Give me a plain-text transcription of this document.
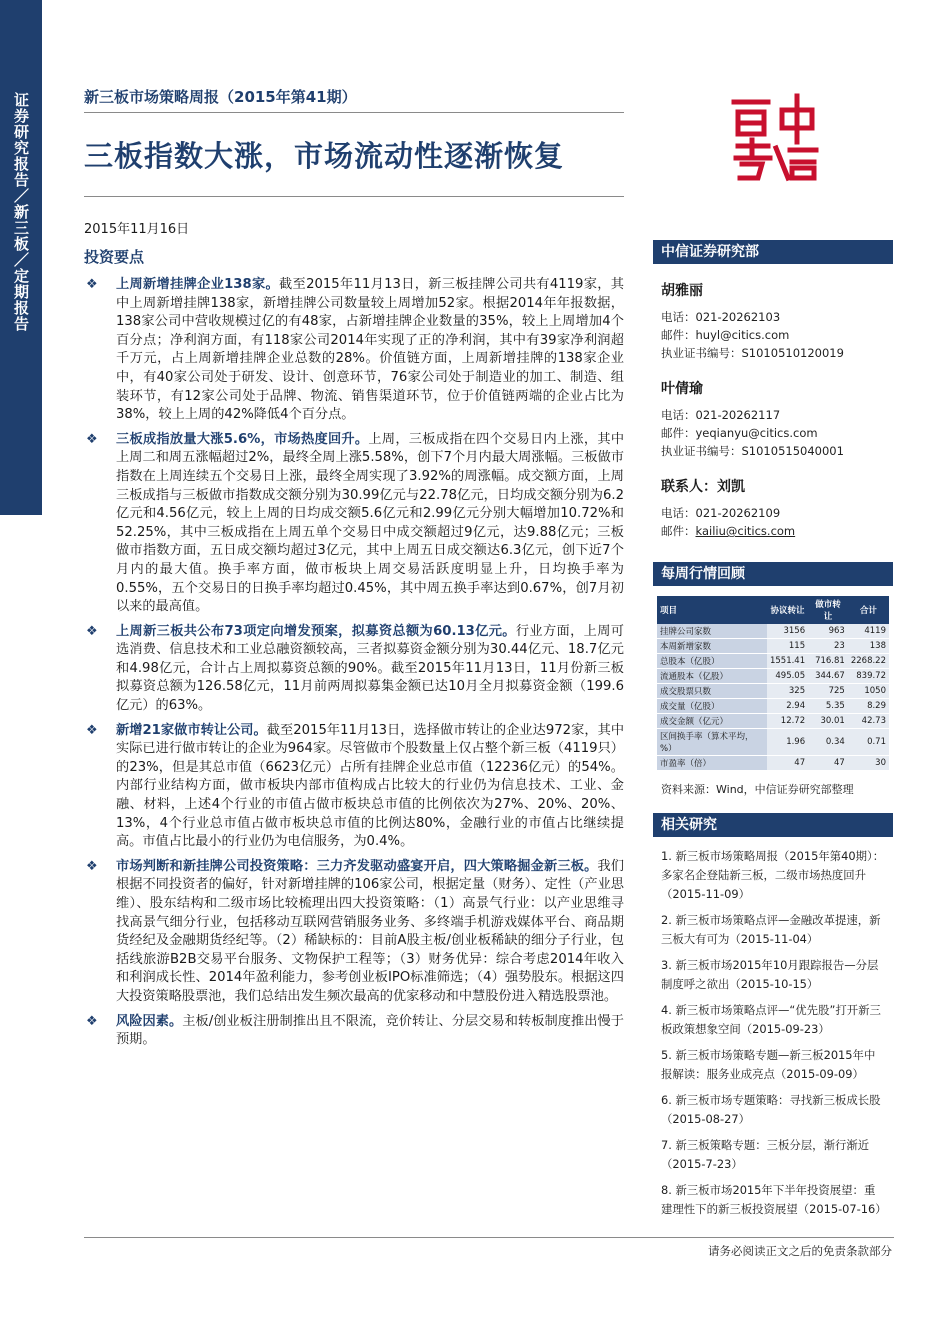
证券研究报告／新三板／定期报告	新三板市场策略周报（2015年第41期）
三板指数大涨，市场流动性逐渐恢复
中信證券
2015年11月16日
投资要点
❖ 上周新增挂牌企业138家。截至2015年11月13日，新三板挂牌公司共有4119家，其中上周新增挂牌138家，新增挂牌公司数量较上周增加52家。根据2014年年报数据，138家公司中营收规模过亿的有48家，占新增挂牌企业数量的35%，较上上周增加4个百分点；净利润方面，有118家公司2014年实现了正的净利润，其中有39家净利润超千万元，占上周新增挂牌企业总数的28%。价值链方面，上周新增挂牌的138家企业中，有40家公司处于研发、设计、创意环节，76家公司处于制造业的加工、制造、组装环节，有12家公司处于品牌、物流、销售渠道环节，位于价值链两端的企业占比为38%，较上上周的42%降低4个百分点。
❖ 三板成指放量大涨5.6%，市场热度回升。上周，三板成指在四个交易日内上涨，其中上周二和周五涨幅超过2%，最终全周上涨5.58%，创下7个月内最大周涨幅。三板做市指数在上周连续五个交易日上涨，最终全周实现了3.92%的周涨幅。成交额方面，上周三板成指与三板做市指数成交额分别为30.99亿元与22.78亿元，日均成交额分别为6.2亿元和4.56亿元，较上上周的日均成交额5.6亿元和2.99亿元分别大幅增加10.72%和52.25%，其中三板成指在上周五单个交易日中成交额超过9亿元，达9.88亿元；三板做市指数方面，五日成交额均超过3亿元，其中上周五日成交额达6.3亿元，创下近7个月内的最大值。换手率方面，做市板块上周交易活跃度明显上升，日均换手率为0.55%，五个交易日的日换手率均超过0.45%，其中周五换手率达到0.67%，创7月初以来的最高值。
❖ 上周新三板共公布73项定向增发预案，拟募资总额为60.13亿元。行业方面，上周可选消费、信息技术和工业总融资额较高，三者拟募资金额分别为30.44亿元、18.7亿元和4.98亿元，合计占上周拟募资总额的90%。截至2015年11月13日，11月份新三板拟募资总额为126.58亿元，11月前两周拟募集金额已达10月全月拟募资金额（199.6亿元）的63%。
❖ 新增21家做市转让公司。截至2015年11月13日，选择做市转让的企业达972家，其中实际已进行做市转让的企业为964家。尽管做市个股数量上仅占整个新三板（4119只）的23%，但是其总市值（6623亿元）占所有挂牌企业总市值（12236亿元）的54%。内部行业结构方面，做市板块内部市值构成占比较大的行业仍为信息技术、工业、金融、材料，上述4个行业的市值占做市板块总市值的比例依次为27%、20%、20%、13%，4个行业总市值占做市板块总市值的比例达80%，金融行业的市值占比继续提高。市值占比最小的行业仍为电信服务，为0.4%。
❖ 市场判断和新挂牌公司投资策略：三力齐发驱动盛宴开启，四大策略掘金新三板。我们根据不同投资者的偏好，针对新增挂牌的106家公司，根据定量（财务）、定性（产业思维）、股东结构和二级市场比较梳理出四大投资策略：（1）高景气行业：以产业思维寻找高景气细分行业，包括移动互联网营销服务业务、多终端手机游戏媒体平台、商品期货经纪及金融期货经纪等。（2）稀缺标的：目前A股主板/创业板稀缺的细分子行业，包括线旅游B2B交易平台服务、文物保护工程等；（3）财务优异：综合考虑2014年收入和利润成长性、2014年盈利能力，参考创业板IPO标准筛选；（4）强势股东。根据这四大投资策略股票池，我们总结出发生频次最高的优家移动和中慧股份进入精选股票池。
❖ 风险因素。主板/创业板注册制推出且不限流，竞价转让、分层交易和转板制度推出慢于预期。
中信证券研究部
胡雅丽
电话：021-20262103
邮件：huyl@citics.com
执业证书编号：S1010510120019
叶倩瑜
电话：021-20262117
邮件：yeqianyu@citics.com
执业证书编号：S1010515040001
联系人：刘凯
电话：021-20262109
邮件：kailiu@citics.com
每周行情回顾
项目	协议转让	做市转让	合计
挂牌公司家数	3156	963	4119
本周新增家数	115	23	138
总股本（亿股）	1551.41	716.81	2268.22
流通股本（亿股）	495.05	344.67	839.72
成交股票只数	325	725	1050
成交量（亿股）	2.94	5.35	8.29
成交金额（亿元）	12.72	30.01	42.73
区间换手率（算术平均，%）	1.96	0.34	0.71
市盈率（倍）	47	47	30
资料来源：Wind，中信证券研究部整理
相关研究
1. 新三板市场策略周报（2015年第40期）：多家名企登陆新三板，二级市场热度回升（2015-11-09）
2. 新三板市场策略点评—金融改革提速，新三板大有可为（2015-11-04）
3. 新三板市场2015年10月跟踪报告—分层制度呼之欲出（2015-10-15）
4. 新三板市场策略点评—“优先股”打开新三板政策想象空间（2015-09-23）
5. 新三板市场策略专题—新三板2015年中报解读：服务业成亮点（2015-09-09）
6. 新三板市场专题策略：寻找新三板成长股（2015-08-27）
7. 新三板策略专题：三板分层，渐行渐近（2015-7-23）
8. 新三板市场2015年下半年投资展望：重建理性下的新三板投资展望（2015-07-16）
请务必阅读正文之后的免责条款部分
